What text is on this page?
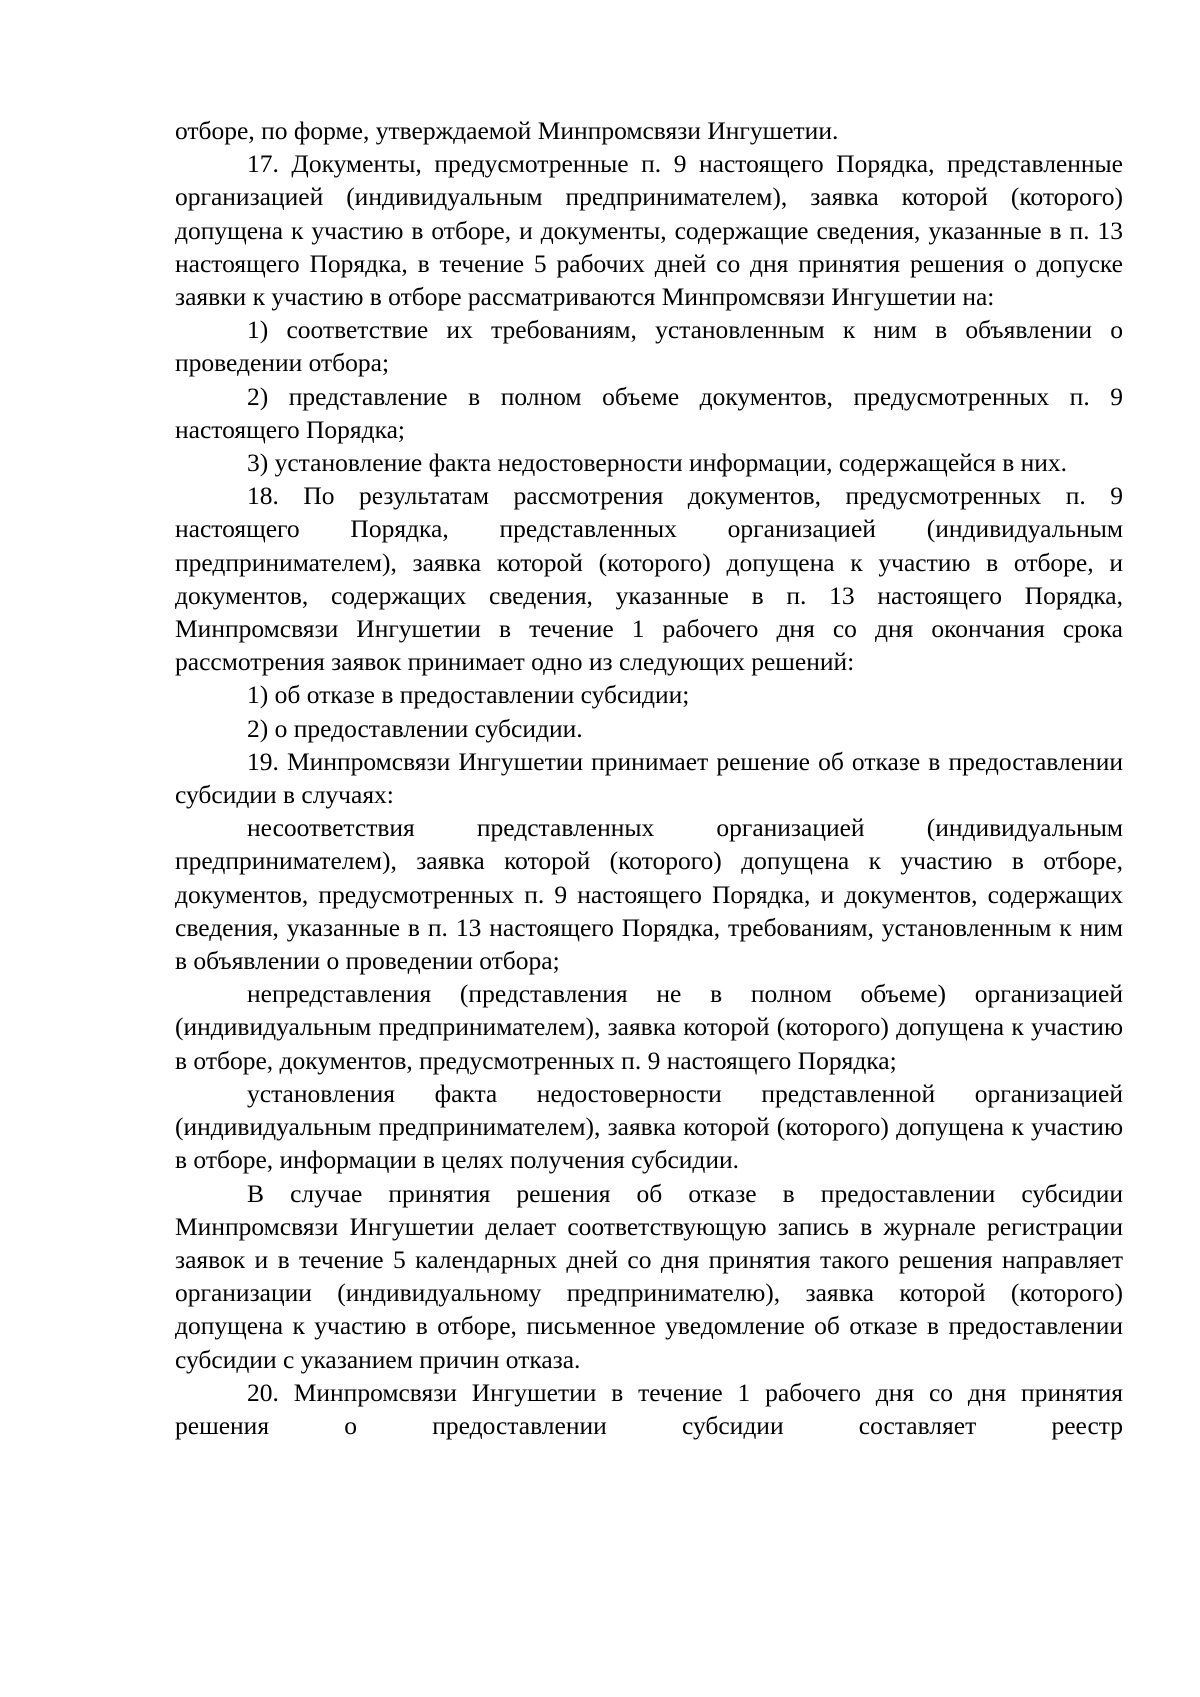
отборе, по форме, утверждаемой Минпромсвязи Ингушетии.

17. Документы, предусмотренные п. 9 настоящего Порядка, представленные организацией (индивидуальным предпринимателем), заявка которой (которого) допущена к участию в отборе, и документы, содержащие сведения, указанные в п. 13 настоящего Порядка, в течение 5 рабочих дней со дня принятия решения о допуске заявки к участию в отборе рассматриваются Минпромсвязи Ингушетии на:

1) соответствие их требованиям, установленным к ним в объявлении о проведении отбора;

2) представление в полном объеме документов, предусмотренных п. 9 настоящего Порядка;

3) установление факта недостоверности информации, содержащейся в них.

18. По результатам рассмотрения документов, предусмотренных п. 9 настоящего Порядка, представленных организацией (индивидуальным предпринимателем), заявка которой (которого) допущена к участию в отборе, и документов, содержащих сведения, указанные в п. 13 настоящего Порядка, Минпромсвязи Ингушетии в течение 1 рабочего дня со дня окончания срока рассмотрения заявок принимает одно из следующих решений:

1) об отказе в предоставлении субсидии;

2) о предоставлении субсидии.

19. Минпромсвязи Ингушетии принимает решение об отказе в предоставлении субсидии в случаях:

несоответствия представленных организацией (индивидуальным предпринимателем), заявка которой (которого) допущена к участию в отборе, документов, предусмотренных п. 9 настоящего Порядка, и документов, содержащих сведения, указанные в п. 13 настоящего Порядка, требованиям, установленным к ним в объявлении о проведении отбора;

непредставления (представления не в полном объеме) организацией (индивидуальным предпринимателем), заявка которой (которого) допущена к участию в отборе, документов, предусмотренных п. 9 настоящего Порядка;

установления факта недостоверности представленной организацией (индивидуальным предпринимателем), заявка которой (которого) допущена к участию в отборе, информации в целях получения субсидии.

В случае принятия решения об отказе в предоставлении субсидии Минпромсвязи Ингушетии делает соответствующую запись в журнале регистрации заявок и в течение 5 календарных дней со дня принятия такого решения направляет организации (индивидуальному предпринимателю), заявка которой (которого) допущена к участию в отборе, письменное уведомление об отказе в предоставлении субсидии с указанием причин отказа.

20. Минпромсвязи Ингушетии в течение 1 рабочего дня со дня принятия решения о предоставлении субсидии составляет реестр
